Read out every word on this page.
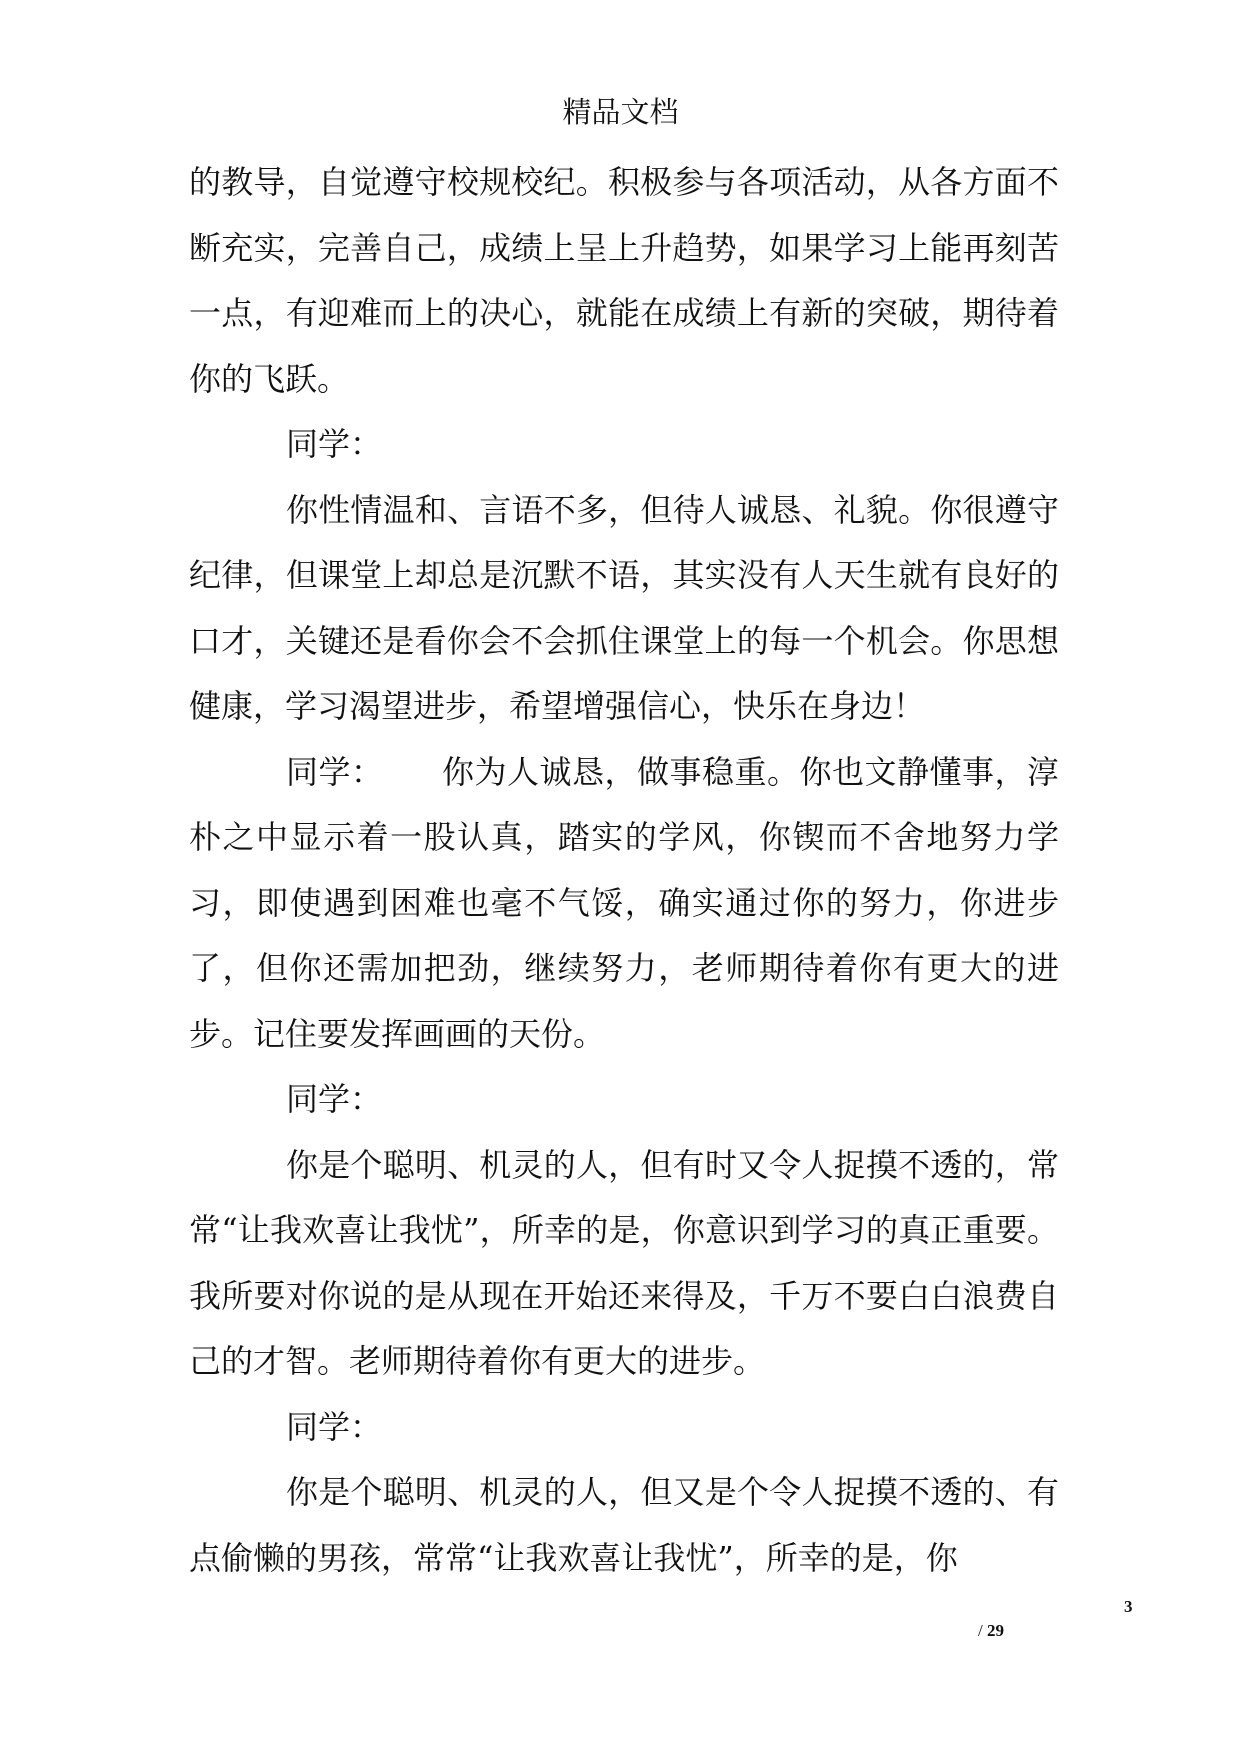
精品文档

的教导，自觉遵守校规校纪。积极参与各项活动，从各方面不断充实，完善自己，成绩上呈上升趋势，如果学习上能再刻苦一点，有迎难而上的决心，就能在成绩上有新的突破，期待着你的飞跃。

同学：

你性情温和、言语不多，但待人诚恳、礼貌。你很遵守纪律，但课堂上却总是沉默不语，其实没有人天生就有良好的口才，关键还是看你会不会抓住课堂上的每一个机会。你思想健康，学习渴望进步，希望增强信心，快乐在身边！

同学： 你为人诚恳，做事稳重。你也文静懂事，淳朴之中显示着一股认真，踏实的学风，你锲而不舍地努力学习，即使遇到困难也毫不气馁，确实通过你的努力，你进步了，但你还需加把劲，继续努力，老师期待着你有更大的进步。记住要发挥画画的天份。

同学：

你是个聪明、机灵的人，但有时又令人捉摸不透的，常常“让我欢喜让我忧”，所幸的是，你意识到学习的真正重要。我所要对你说的是从现在开始还来得及，千万不要白白浪费自己的才智。老师期待着你有更大的进步。

同学：

你是个聪明、机灵的人，但又是个令人捉摸不透的、有点偷懒的男孩，常常“让我欢喜让我忧”，所幸的是，你

3
/ 29
